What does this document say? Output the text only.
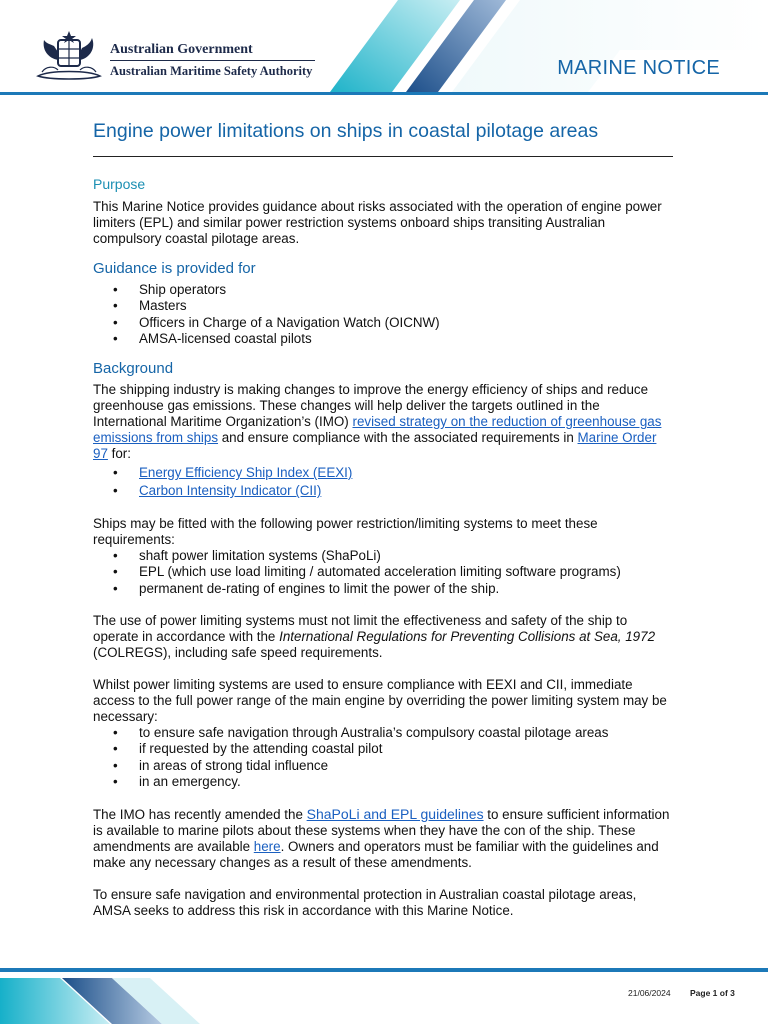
Australian Government
Australian Maritime Safety Authority	MARINE NOTICE
Engine power limitations on ships in coastal pilotage areas
Purpose

This Marine Notice provides guidance about risks associated with the operation of engine power limiters (EPL) and similar power restriction systems onboard ships transiting Australian compulsory coastal pilotage areas.

Guidance is provided for
• Ship operators
• Masters
• Officers in Charge of a Navigation Watch (OICNW)
• AMSA-licensed coastal pilots
Background

The shipping industry is making changes to improve the energy efficiency of ships and reduce greenhouse gas emissions. These changes will help deliver the targets outlined in the International Maritime Organization’s (IMO) revised strategy on the reduction of greenhouse gas emissions from ships and ensure compliance with the associated requirements in Marine Order 97 for:

• Energy Efficiency Ship Index (EEXI)
• Carbon Intensity Indicator (CII)

Ships may be fitted with the following power restriction/limiting systems to meet these requirements:

• shaft power limitation systems (ShaPoLi)
• EPL (which use load limiting / automated acceleration limiting software programs)
• permanent de-rating of engines to limit the power of the ship.

The use of power limiting systems must not limit the effectiveness and safety of the ship to operate in accordance with the International Regulations for Preventing Collisions at Sea, 1972 (COLREGS), including safe speed requirements.

Whilst power limiting systems are used to ensure compliance with EEXI and CII, immediate access to the full power range of the main engine by overriding the power limiting system may be necessary:

• to ensure safe navigation through Australia’s compulsory coastal pilotage areas
• if requested by the attending coastal pilot
• in areas of strong tidal influence
• in an emergency.

The IMO has recently amended the ShaPoLi and EPL guidelines to ensure sufficient information is available to marine pilots about these systems when they have the con of the ship. These amendments are available here. Owners and operators must be familiar with the guidelines and make any necessary changes as a result of these amendments.

To ensure safe navigation and environmental protection in Australian coastal pilotage areas, AMSA seeks to address this risk in accordance with this Marine Notice.

21/06/2024 Page 1 of 3
